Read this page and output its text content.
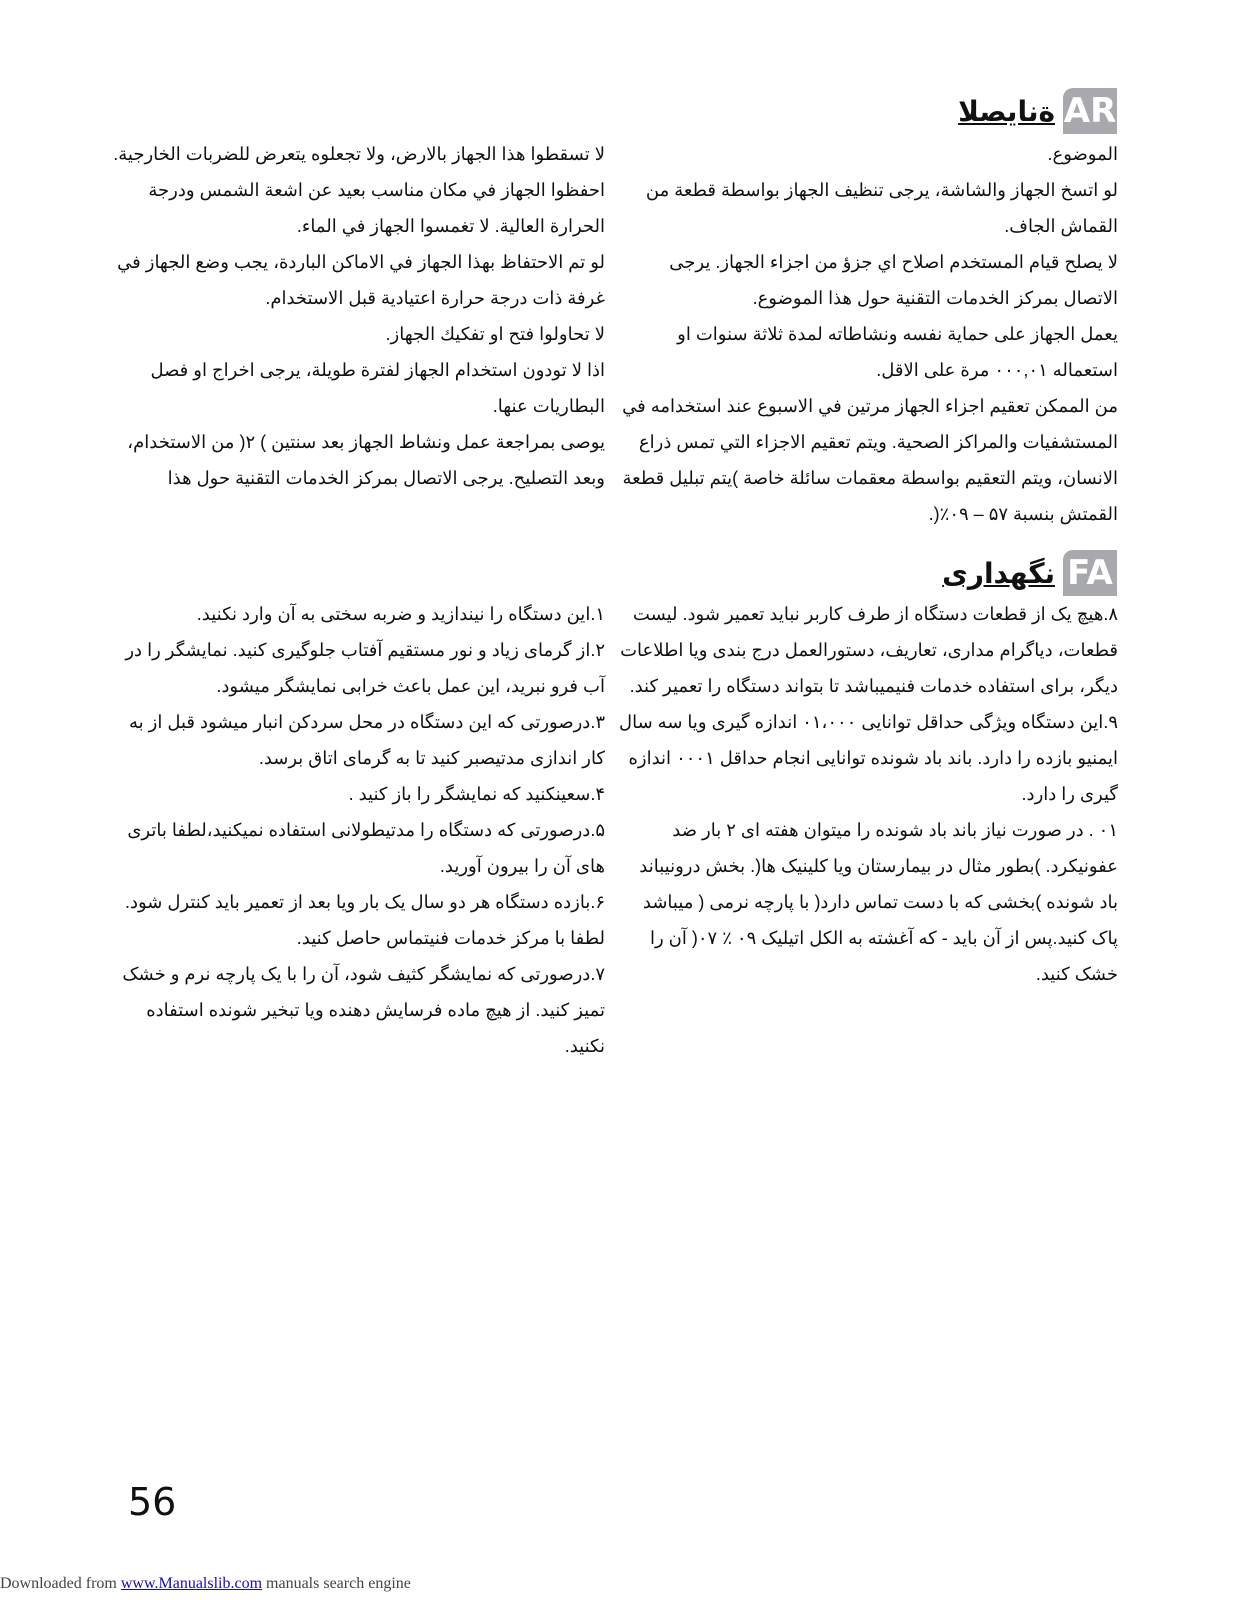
ةنايصلا AR

الموضوع.

لو اتسخ الجهاز والشاشة، يرجى تنظيف الجهاز بواسطة قطعة من القماش الجاف.

لا يصلح قيام المستخدم اصلاح اي جزؤ من اجزاء الجهاز. يرجى الاتصال بمركز الخدمات التقنية حول هذا الموضوع.

يعمل الجهاز على حماية نفسه ونشاطاته لمدة ثلاثة سنوات او استعماله ۰۰۰,۰۱ مرة على الاقل.

من الممكن تعقيم اجزاء الجهاز مرتين في الاسبوع عند استخدامه في المستشفيات والمراكز الصحية. ويتم تعقيم الاجزاء التي تمس ذراع الانسان، ويتم التعقيم بواسطة معقمات سائلة خاصة )يتم تبليل قطعة القمتش بنسبة ۵۷ – ۰۹٪(.

لا تسقطوا هذا الجهاز بالارض، ولا تجعلوه يتعرض للضربات الخارجية.

احفظوا الجهاز في مكان مناسب بعيد عن اشعة الشمس ودرجة الحرارة العالية. لا تغمسوا الجهاز في الماء.

لو تم الاحتفاظ بهذا الجهاز في الاماكن الباردة، يجب وضع الجهاز في غرفة ذات درجة حرارة اعتيادية قبل الاستخدام.

لا تحاولوا فتح او تفكيك الجهاز.

اذا لا تودون استخدام الجهاز لفترة طويلة، يرجى اخراج او فصل البطاريات عنها.

يوصى بمراجعة عمل ونشاط الجهاز بعد سنتين ) ۲( من الاستخدام، وبعد التصليح. يرجى الاتصال بمركز الخدمات التقنية حول هذا

نگهداری FA

۸.هیچ یک از قطعات دستگاه از طرف کاربر نباید تعمیر شود. لیست قطعات، دیاگرام مداری، تعاریف، دستورالعمل درج بندی ویا اطلاعات دیگر، برای استفاده خدمات فنیمیباشد تا بتواند دستگاه را تعمیر کند.

۹.این دستگاه ویژگی حداقل توانایی ۰۱،۰۰۰ اندازه گیری ویا سه سال ایمنیو بازده را دارد. باند باد شونده توانایی انجام حداقل ۰۰۰۱ اندازه گیری را دارد.

۰۱ . در صورت نیاز باند باد شونده را میتوان هفته ای ۲ بار ضد عفونیکرد. )بطور مثال در بیمارستان ویا کلینیک ها(. بخش درونیباند باد شونده )بخشی که با دست تماس دارد( با پارچه نرمی ( میباشد پاک کنید.پس از آن باید - که آغشته به الکل اتیلیک ۰۹ ٪ ۰۷( آن را خشک کنید.

۱.این دستگاه را نیندازید و ضربه سختی به آن وارد نکنید.

۲.از گرمای زیاد و نور مستقیم آفتاب جلوگیری کنید. نمایشگر را در آب فرو نبرید، این عمل باعث خرابی نمایشگر میشود.

۳.درصورتی که این دستگاه در محل سردکن انبار میشود قبل از به کار اندازی مدتیصبر کنید تا به گرمای اتاق برسد.

۴.سعینکنید که نمایشگر را باز کنید .

۵.درصورتی که دستگاه را مدتیطولانی استفاده نمیکنید،لطفا باتری های آن را بیرون آورید.

۶.بازده دستگاه هر دو سال یک بار ویا بعد از تعمیر باید کنترل شود. لطفا با مرکز خدمات فنیتماس حاصل کنید.

۷.درصورتی که نمایشگر کثیف شود، آن را با یک پارچه نرم و خشک تمیز کنید. از هیچ ماده فرسایش دهنده ویا تبخیر شونده استفاده نکنید.

56
Downloaded from www.Manualslib.com manuals search engine
